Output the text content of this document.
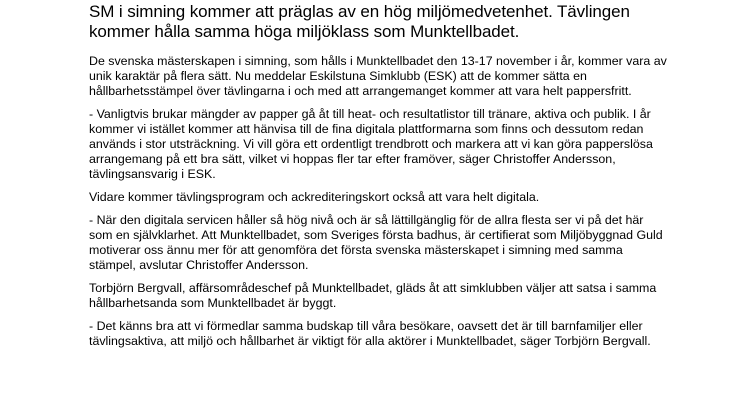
SM i simning kommer att präglas av en hög miljömedvetenhet. Tävlingen kommer hålla samma höga miljöklass som Munktellbadet.

De svenska mästerskapen i simning, som hålls i Munktellbadet den 13-17 november i år, kommer vara av unik karaktär på flera sätt. Nu meddelar Eskilstuna Simklubb (ESK) att de kommer sätta en hållbarhetsstämpel över tävlingarna i och med att arrangemanget kommer att vara helt pappersfritt.

- Vanligtvis brukar mängder av papper gå åt till heat- och resultatlistor till tränare, aktiva och publik. I år kommer vi istället kommer att hänvisa till de fina digitala plattformarna som finns och dessutom redan används i stor utsträckning. Vi vill göra ett ordentligt trendbrott och markera att vi kan göra papperslösa arrangemang på ett bra sätt, vilket vi hoppas fler tar efter framöver, säger Christoffer Andersson, tävlingsansvarig i ESK.

Vidare kommer tävlingsprogram och ackrediteringskort också att vara helt digitala.

- När den digitala servicen håller så hög nivå och är så lättillgänglig för de allra flesta ser vi på det här som en självklarhet. Att Munktellbadet, som Sveriges första badhus, är certifierat som Miljöbyggnad Guld motiverar oss ännu mer för att genomföra det första svenska mästerskapet i simning med samma stämpel, avslutar Christoffer Andersson.

Torbjörn Bergvall, affärsområdeschef på Munktellbadet, gläds åt att simklubben väljer att satsa i samma hållbarhetsanda som Munktellbadet är byggt.

- Det känns bra att vi förmedlar samma budskap till våra besökare, oavsett det är till barnfamiljer eller tävlingsaktiva, att miljö och hållbarhet är viktigt för alla aktörer i Munktellbadet, säger Torbjörn Bergvall.
